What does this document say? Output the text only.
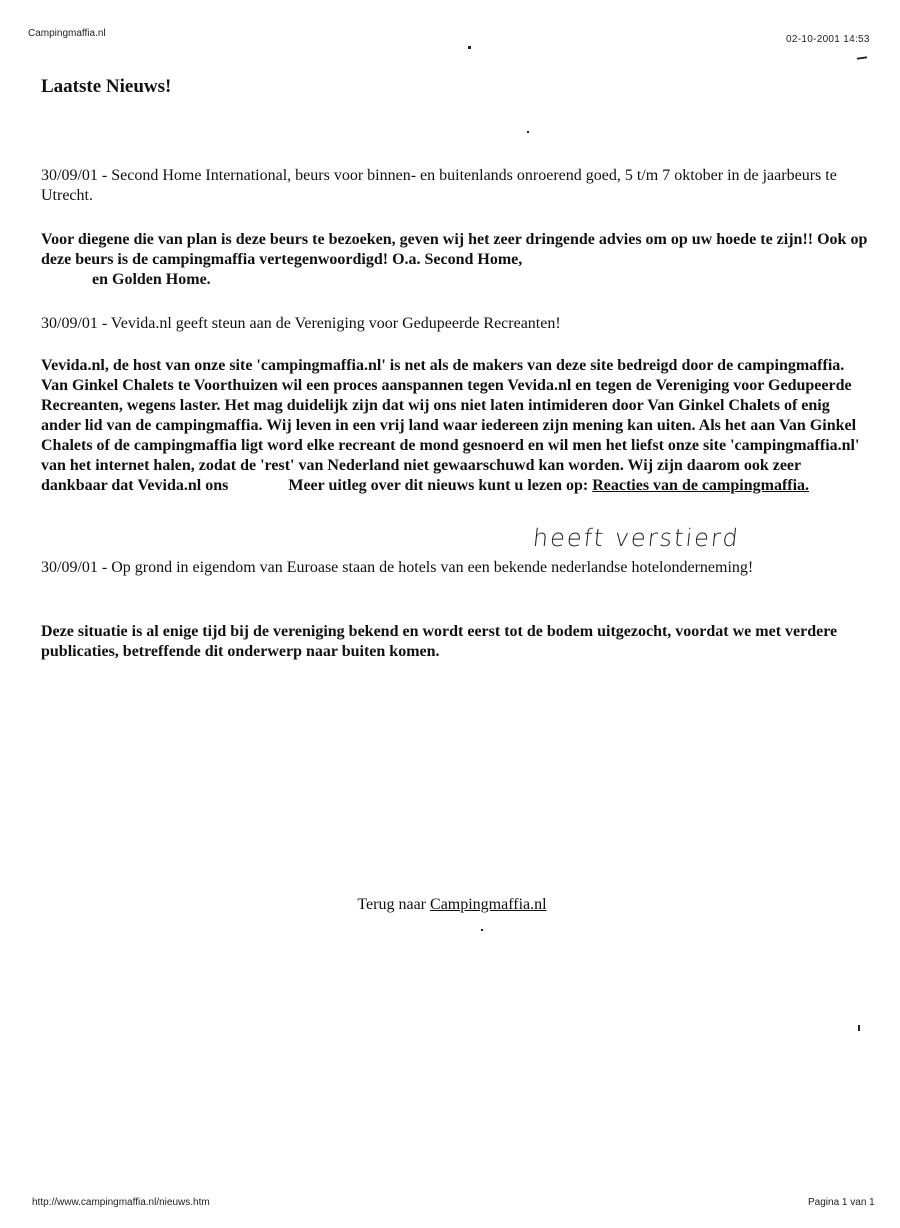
Campingmaffia.nl
02-10-2001 14:53
Laatste Nieuws!

30/09/01 - Second Home International, beurs voor binnen- en buitenlands onroerend goed, 5 t/m 7 oktober in de jaarbeurs te Utrecht.

Voor diegene die van plan is deze beurs te bezoeken, geven wij het zeer dringende advies om op uw hoede te zijn!! Ook op deze beurs is de campingmaffia vertegenwoordigd! O.a. Second Home,
en Golden Home.

30/09/01 - Vevida.nl geeft steun aan de Vereniging voor Gedupeerde Recreanten!

Vevida.nl, de host van onze site 'campingmaffia.nl' is net als de makers van deze site bedreigd door de campingmaffia. Van Ginkel Chalets te Voorthuizen wil een proces aanspannen tegen Vevida.nl en tegen de Vereniging voor Gedupeerde Recreanten, wegens laster. Het mag duidelijk zijn dat wij ons niet laten intimideren door Van Ginkel Chalets of enig ander lid van de campingmaffia. Wij leven in een vrij land waar iedereen zijn mening kan uiten. Als het aan Van Ginkel Chalets of de campingmaffia ligt word elke recreant de mond gesnoerd en wil men het liefst onze site 'campingmaffia.nl' van het internet halen, zodat de 'rest' van Nederland niet gewaarschuwd kan worden. Wij zijn daarom ook zeer dankbaar dat Vevida.nl ons	Meer uitleg over dit nieuws kunt u lezen op: Reacties van de campingmaffia.

heeft verstierd

30/09/01 - Op grond in eigendom van Euroase staan de hotels van een bekende nederlandse hotelonderneming!

Deze situatie is al enige tijd bij de vereniging bekend en wordt eerst tot de bodem uitgezocht, voordat we met verdere publicaties, betreffende dit onderwerp naar buiten komen.

Terug naar Campingmaffia.nl
http://www.campingmaffia.nl/nieuws.htm	Pagina 1 van 1
